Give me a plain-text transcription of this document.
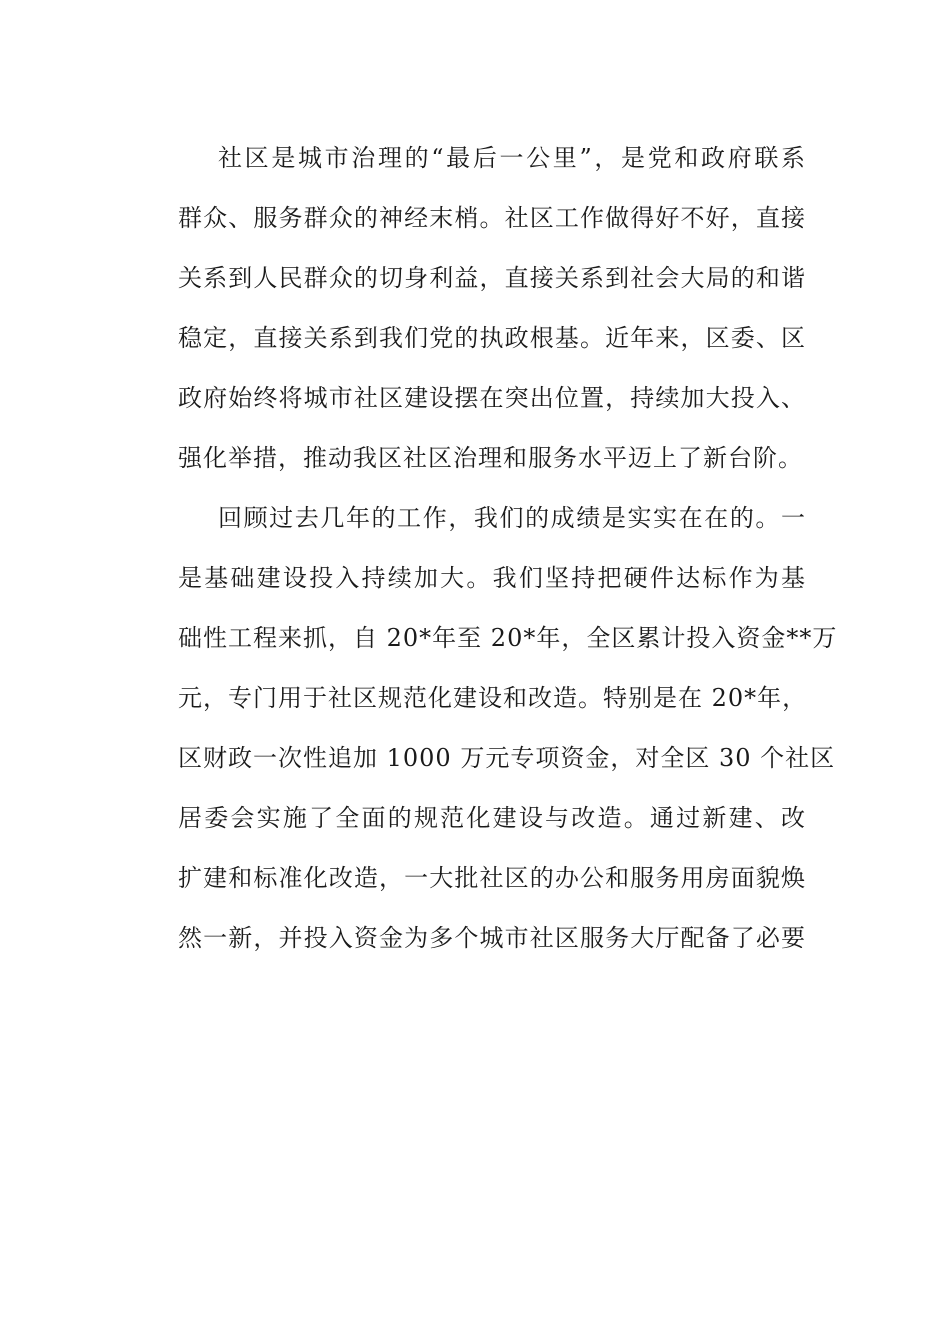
社区是城市治理的“最后一公里”，是党和政府联系
群众、服务群众的神经末梢。社区工作做得好不好，直接
关系到人民群众的切身利益，直接关系到社会大局的和谐
稳定，直接关系到我们党的执政根基。近年来，区委、区
政府始终将城市社区建设摆在突出位置，持续加大投入、
强化举措，推动我区社区治理和服务水平迈上了新台阶。
回顾过去几年的工作，我们的成绩是实实在在的。一
是基础建设投入持续加大。我们坚持把硬件达标作为基
础性工程来抓，自 20*年至 20*年，全区累计投入资金**万
元，专门用于社区规范化建设和改造。特别是在 20*年，
区财政一次性追加 1000 万元专项资金，对全区 30 个社区
居委会实施了全面的规范化建设与改造。通过新建、改
扩建和标准化改造，一大批社区的办公和服务用房面貌焕
然一新，并投入资金为多个城市社区服务大厅配备了必要
